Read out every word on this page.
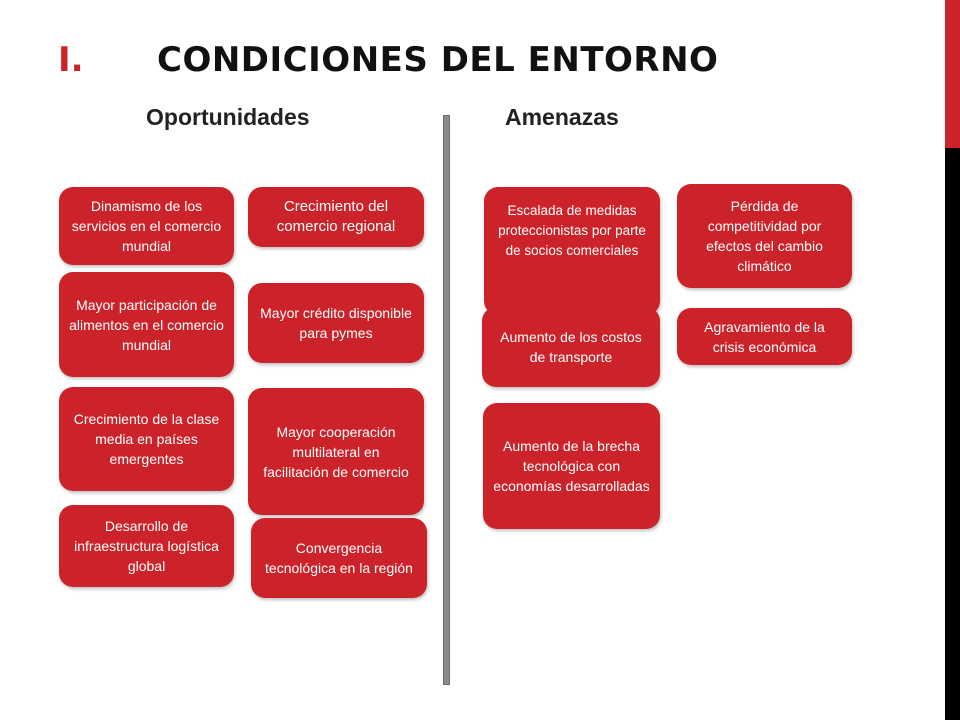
I. CONDICIONES DEL ENTORNO
Oportunidades	Amenazas
Dinamismo de los servicios en el comercio mundial
Crecimiento del comercio regional
Mayor participación de alimentos en el comercio mundial
Mayor crédito disponible para pymes
Crecimiento de la clase media en países emergentes
Mayor cooperación multilateral en facilitación de comercio
Desarrollo de infraestructura logística global
Convergencia tecnológica en la región
Escalada de medidas proteccionistas por parte de socios comerciales
Pérdida de competitividad por efectos del cambio climático
Aumento de los costos de transporte
Agravamiento de la crisis económica
Aumento de la brecha tecnológica con economías desarrolladas
